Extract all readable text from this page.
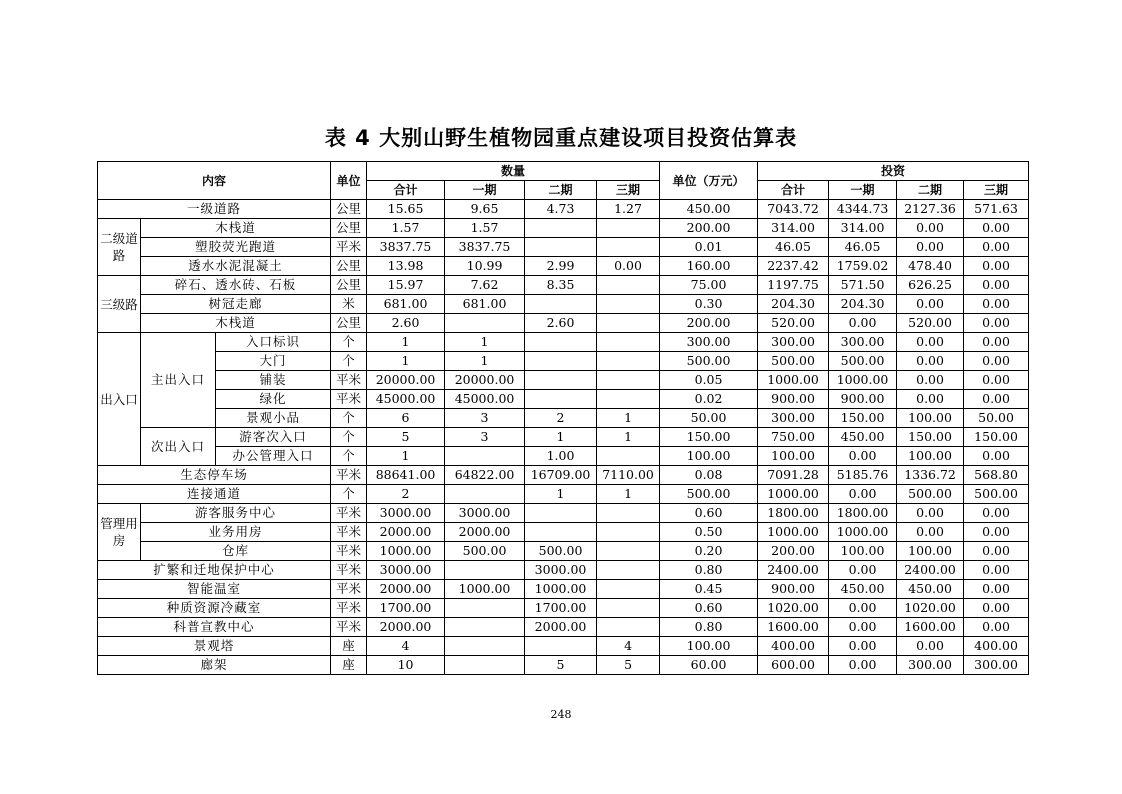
表 4 大别山野生植物园重点建设项目投资估算表
内容			单位	数量				单位（万元）	投资			
				合计	一期	二期	三期		合计	一期	二期	三期
一级道路			公里	15.65	9.65	4.73	1.27	450.00	7043.72	4344.73	2127.36	571.63
二级道路	木栈道		公里	1.57	1.57			200.00	314.00	314.00	0.00	0.00
	塑胶荧光跑道		平米	3837.75	3837.75			0.01	46.05	46.05	0.00	0.00
	透水水泥混凝土		公里	13.98	10.99	2.99	0.00	160.00	2237.42	1759.02	478.40	0.00
三级路	碎石、透水砖、石板		公里	15.97	7.62	8.35		75.00	1197.75	571.50	626.25	0.00
	树冠走廊		米	681.00	681.00			0.30	204.30	204.30	0.00	0.00
	木栈道		公里	2.60		2.60		200.00	520.00	0.00	520.00	0.00
出入口	主出入口	入口标识	个	1	1			300.00	300.00	300.00	0.00	0.00
		大门	个	1	1			500.00	500.00	500.00	0.00	0.00
		铺装	平米	20000.00	20000.00			0.05	1000.00	1000.00	0.00	0.00
		绿化	平米	45000.00	45000.00			0.02	900.00	900.00	0.00	0.00
		景观小品	个	6	3	2	1	50.00	300.00	150.00	100.00	50.00
	次出入口	游客次入口	个	5	3	1	1	150.00	750.00	450.00	150.00	150.00
		办公管理入口	个	1		1.00		100.00	100.00	0.00	100.00	0.00
生态停车场			平米	88641.00	64822.00	16709.00	7110.00	0.08	7091.28	5185.76	1336.72	568.80
连接通道			个	2		1	1	500.00	1000.00	0.00	500.00	500.00
管理用房	游客服务中心		平米	3000.00	3000.00			0.60	1800.00	1800.00	0.00	0.00
	业务用房		平米	2000.00	2000.00			0.50	1000.00	1000.00	0.00	0.00
	仓库		平米	1000.00	500.00	500.00		0.20	200.00	100.00	100.00	0.00
扩繁和迁地保护中心			平米	3000.00		3000.00		0.80	2400.00	0.00	2400.00	0.00
智能温室			平米	2000.00	1000.00	1000.00		0.45	900.00	450.00	450.00	0.00
种质资源冷藏室			平米	1700.00		1700.00		0.60	1020.00	0.00	1020.00	0.00
科普宣教中心			平米	2000.00		2000.00		0.80	1600.00	0.00	1600.00	0.00
景观塔			座	4			4	100.00	400.00	0.00	0.00	400.00
廊架			座	10		5	5	60.00	600.00	0.00	300.00	300.00
248
